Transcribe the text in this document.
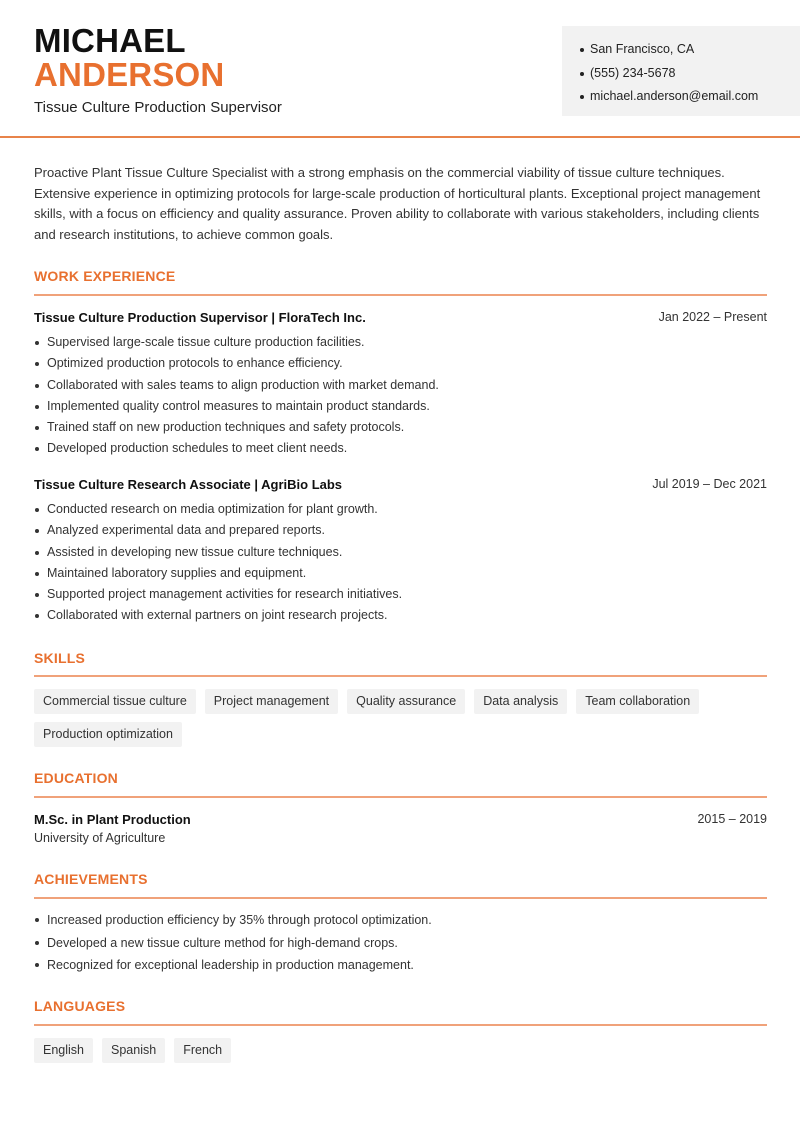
MICHAEL
ANDERSON
Tissue Culture Production Supervisor
San Francisco, CA
(555) 234-5678
michael.anderson@email.com

Proactive Plant Tissue Culture Specialist with a strong emphasis on the commercial viability of tissue culture techniques. Extensive experience in optimizing protocols for large-scale production of horticultural plants. Exceptional project management skills, with a focus on efficiency and quality assurance. Proven ability to collaborate with various stakeholders, including clients and research institutions, to achieve common goals.

WORK EXPERIENCE
Tissue Culture Production Supervisor | FloraTech Inc.	Jan 2022 – Present
Supervised large-scale tissue culture production facilities.
Optimized production protocols to enhance efficiency.
Collaborated with sales teams to align production with market demand.
Implemented quality control measures to maintain product standards.
Trained staff on new production techniques and safety protocols.
Developed production schedules to meet client needs.
Tissue Culture Research Associate | AgriBio Labs	Jul 2019 – Dec 2021
Conducted research on media optimization for plant growth.
Analyzed experimental data and prepared reports.
Assisted in developing new tissue culture techniques.
Maintained laboratory supplies and equipment.
Supported project management activities for research initiatives.
Collaborated with external partners on joint research projects.
SKILLS
Commercial tissue culture	Project management	Quality assurance	Data analysis	Team collaboration
Production optimization
EDUCATION
M.Sc. in Plant Production	2015 – 2019
University of Agriculture
ACHIEVEMENTS
Increased production efficiency by 35% through protocol optimization.
Developed a new tissue culture method for high-demand crops.
Recognized for exceptional leadership in production management.
LANGUAGES
English	Spanish	French
